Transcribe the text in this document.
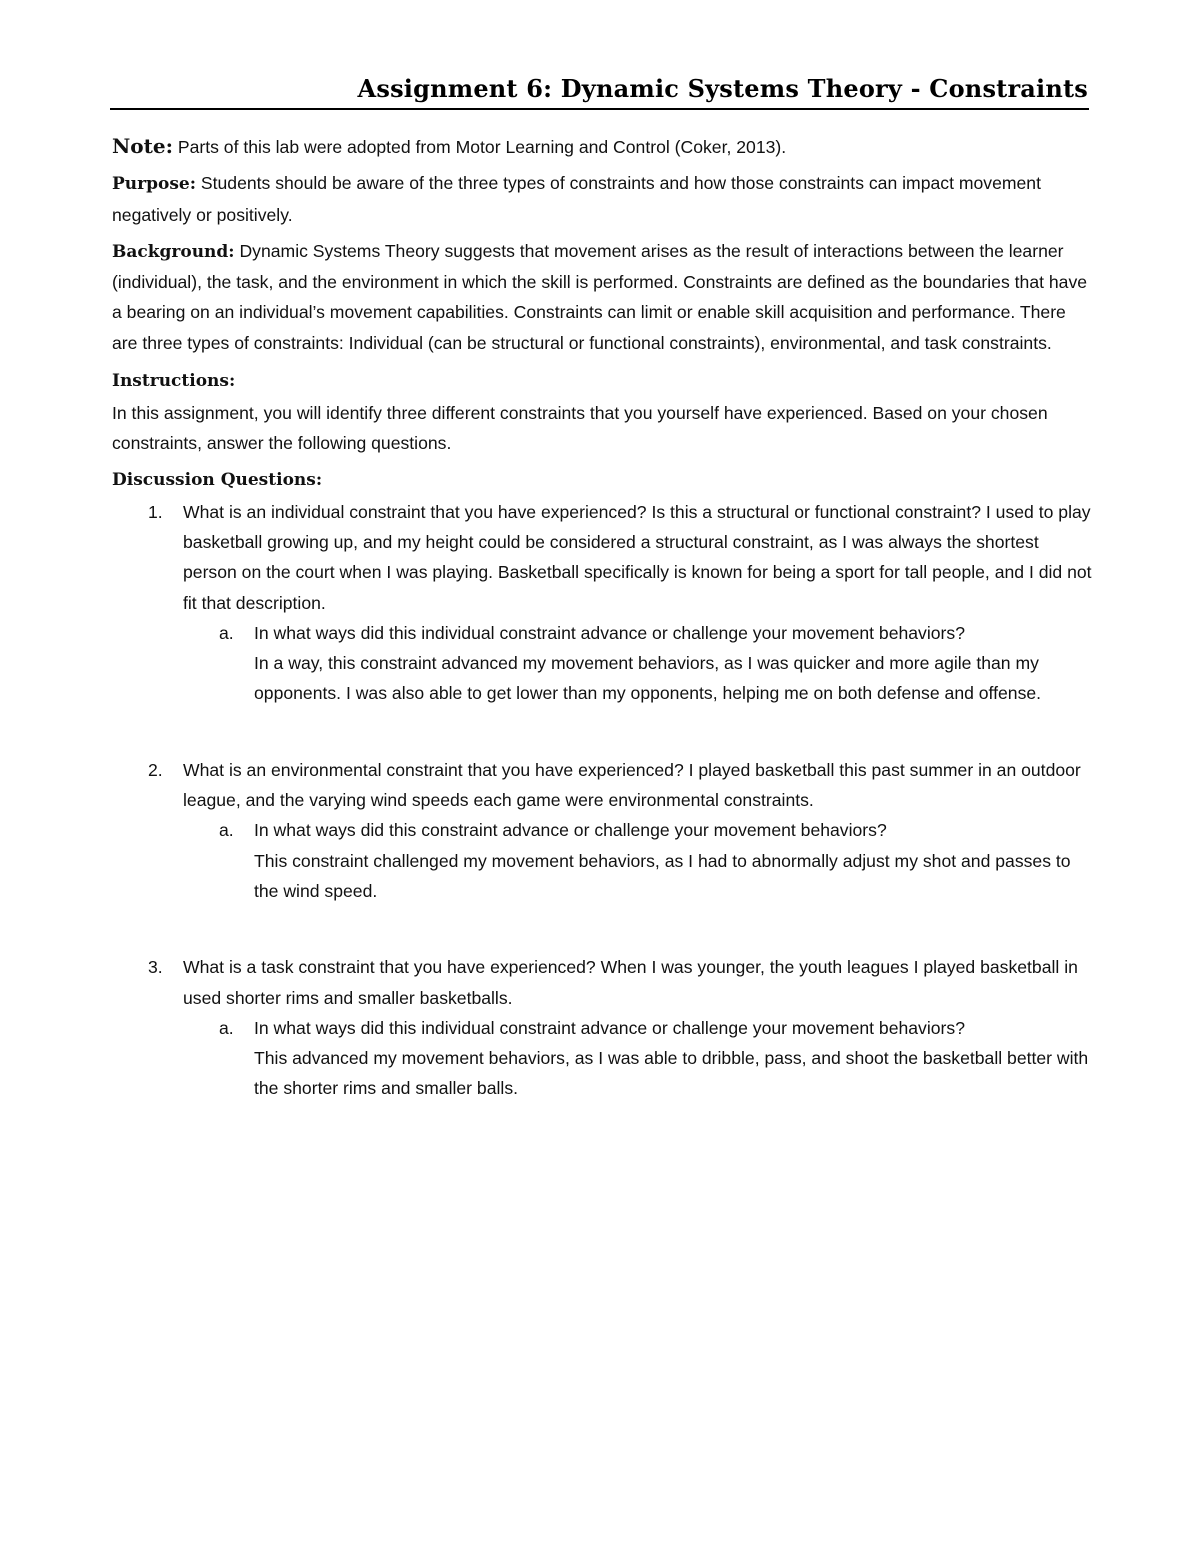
Assignment 6: Dynamic Systems Theory - Constraints

Note: Parts of this lab were adopted from Motor Learning and Control (Coker, 2013).

Purpose: Students should be aware of the three types of constraints and how those constraints can impact movement negatively or positively.

Background: Dynamic Systems Theory suggests that movement arises as the result of interactions between the learner (individual), the task, and the environment in which the skill is performed. Constraints are defined as the boundaries that have a bearing on an individual’s movement capabilities. Constraints can limit or enable skill acquisition and performance. There are three types of constraints: Individual (can be structural or functional constraints), environmental, and task constraints.

Instructions:

In this assignment, you will identify three different constraints that you yourself have experienced. Based on your chosen constraints, answer the following questions.

Discussion Questions:

1. What is an individual constraint that you have experienced? Is this a structural or functional constraint? I used to play basketball growing up, and my height could be considered a structural constraint, as I was always the shortest person on the court when I was playing. Basketball specifically is known for being a sport for tall people, and I did not fit that description.
a. In what ways did this individual constraint advance or challenge your movement behaviors?
In a way, this constraint advanced my movement behaviors, as I was quicker and more agile than my opponents. I was also able to get lower than my opponents, helping me on both defense and offense.
2. What is an environmental constraint that you have experienced? I played basketball this past summer in an outdoor league, and the varying wind speeds each game were environmental constraints.
a. In what ways did this constraint advance or challenge your movement behaviors?
This constraint challenged my movement behaviors, as I had to abnormally adjust my shot and passes to the wind speed.
3. What is a task constraint that you have experienced? When I was younger, the youth leagues I played basketball in used shorter rims and smaller basketballs.
a. In what ways did this individual constraint advance or challenge your movement behaviors?
This advanced my movement behaviors, as I was able to dribble, pass, and shoot the basketball better with the shorter rims and smaller balls.
